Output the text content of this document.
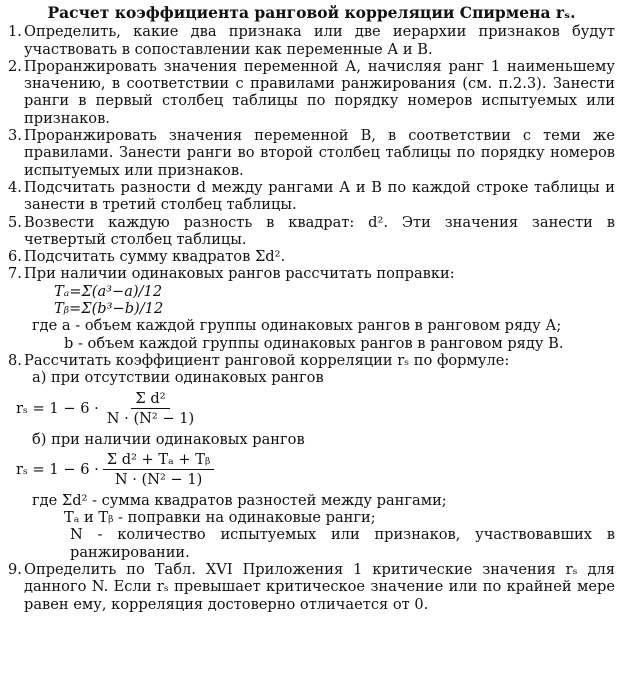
Расчет коэффициента ранговой корреляции Спирмена rₛ.
1. Определить, какие два признака или две иерархии признаков будут участвовать в сопоставлении как переменные А и В.
2. Проранжировать значения переменной А, начисляя ранг 1 наименьшему значению, в соответствии с правилами ранжирования (см. п.2.3). Занести ранги в первый столбец таблицы по порядку номеров испытуемых или признаков.
3. Проранжировать значения переменной В, в соответствии с теми же правилами. Занести ранги во второй столбец таблицы по порядку номеров испытуемых или признаков.
4. Подсчитать разности d между рангами А и В по каждой строке таблицы и занести в третий столбец таблицы.
5. Возвести каждую разность в квадрат: d². Эти значения занести в четвертый столбец таблицы.
6. Подсчитать сумму квадратов Σd².
7. При наличии одинаковых рангов рассчитать поправки:
Tₐ=Σ(a³−a)/12
Tᵦ=Σ(b³−b)/12
где a - объем каждой группы одинаковых рангов в ранговом ряду А;
b - объем каждой группы одинаковых рангов в ранговом ряду В.
8. Рассчитать коэффициент ранговой корреляции rₛ по формуле:
а) при отсутствии одинаковых рангов
$r_s = 1 - 6 \cdot \frac{\text{Σ d²}}{\text{N · (N² − 1)}}$
б) при наличии одинаковых рангов
$r_s = 1 - 6 \cdot \frac{\text{Σ d² + Tₐ + Tᵦ}}{\text{N · (N² − 1)}}$
где Σd² - сумма квадратов разностей между рангами;
Tₐ и Tᵦ - поправки на одинаковые ранги;
N - количество испытуемых или признаков, участвовавших в ранжировании.
9. Определить по Табл. XVI Приложения 1 критические значения rₛ для данного N. Если rₛ превышает критическое значение или по крайней мере равен ему, корреляция достоверно отличается от 0.
